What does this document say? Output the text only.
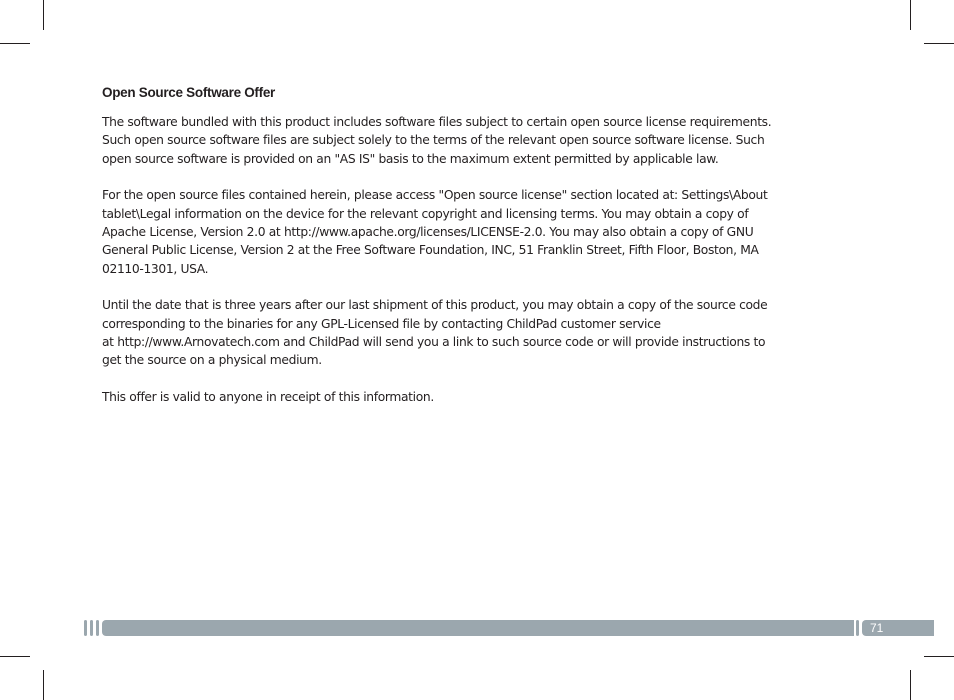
Open Source Software Offer

The software bundled with this product includes software files subject to certain open source license requirements.
Such open source software files are subject solely to the terms of the relevant open source software license. Such
open source software is provided on an "AS IS" basis to the maximum extent permitted by applicable law.

For the open source files contained herein, please access "Open source license" section located at: Settings\About
tablet\Legal information on the device for the relevant copyright and licensing terms. You may obtain a copy of
Apache License, Version 2.0 at http://www.apache.org/licenses/LICENSE-2.0. You may also obtain a copy of GNU
General Public License, Version 2 at the Free Software Foundation, INC, 51 Franklin Street, Fifth Floor, Boston, MA
02110-1301, USA.

Until the date that is three years after our last shipment of this product, you may obtain a copy of the source code
corresponding to the binaries for any GPL-Licensed file by contacting ChildPad customer service
at http://www.Arnovatech.com and ChildPad will send you a link to such source code or will provide instructions to
get the source on a physical medium.

This offer is valid to anyone in receipt of this information.

71
